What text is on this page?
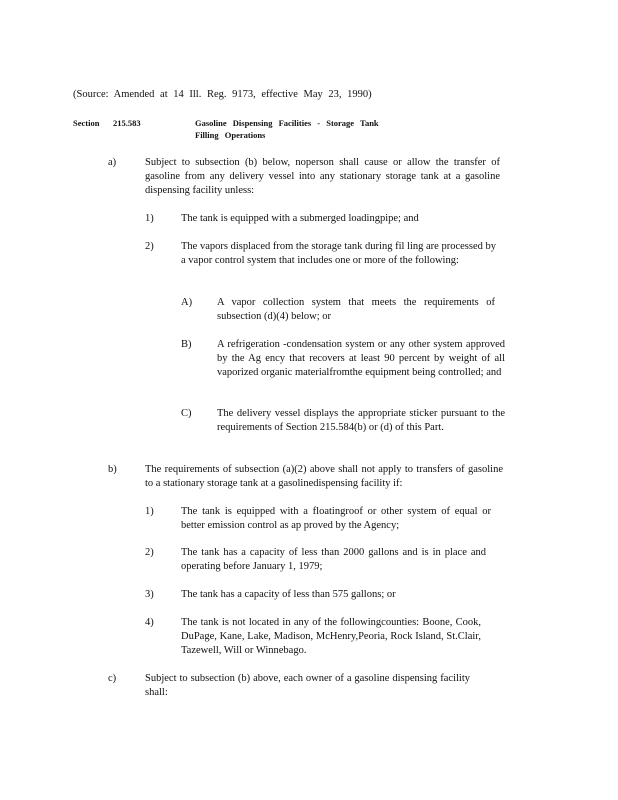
(Source: Amended at 14 Ill. Reg. 9173, effective May 23, 1990)
Section 215.583	Gasoline Dispensing Facilities - Storage Tank
Filling Operations
a)	Subject to subsection (b) below, noperson shall cause or allow the transfer of gasoline from any delivery vessel into any stationary storage tank at a gasoline dispensing facility unless:
1)	The tank is equipped with a submerged loadingpipe; and
2)	The vapors displaced from the storage tank during fil ling are processed by a vapor control system that includes one or more of the following:
A) A vapor collection system that meets the requirements of subsection (d)(4) below; or
B) A refrigeration -condensation system or any other system approved by the Ag ency that recovers at least 90 percent by weight of all vaporized organic materialfromthe equipment being controlled; and
C) The delivery vessel displays the appropriate sticker pursuant to the requirements of Section 215.584(b) or (d) of this Part.
b)	The requirements of subsection (a)(2) above shall not apply to transfers of gasoline to a stationary storage tank at a gasolinedispensing facility if:
1)	The tank is equipped with a floatingroof or other system of equal or better emission control as ap proved by the Agency;
2)	The tank has a capacity of less than 2000 gallons and is in place and operating before January 1, 1979;
3)	The tank has a capacity of less than 575 gallons; or
4)	The tank is not located in any of the followingcounties: Boone, Cook, DuPage, Kane, Lake, Madison, McHenry,Peoria, Rock Island, St.Clair, Tazewell, Will or Winnebago.
c)	Subject to subsection (b) above, each owner of a gasoline dispensing facility shall:
